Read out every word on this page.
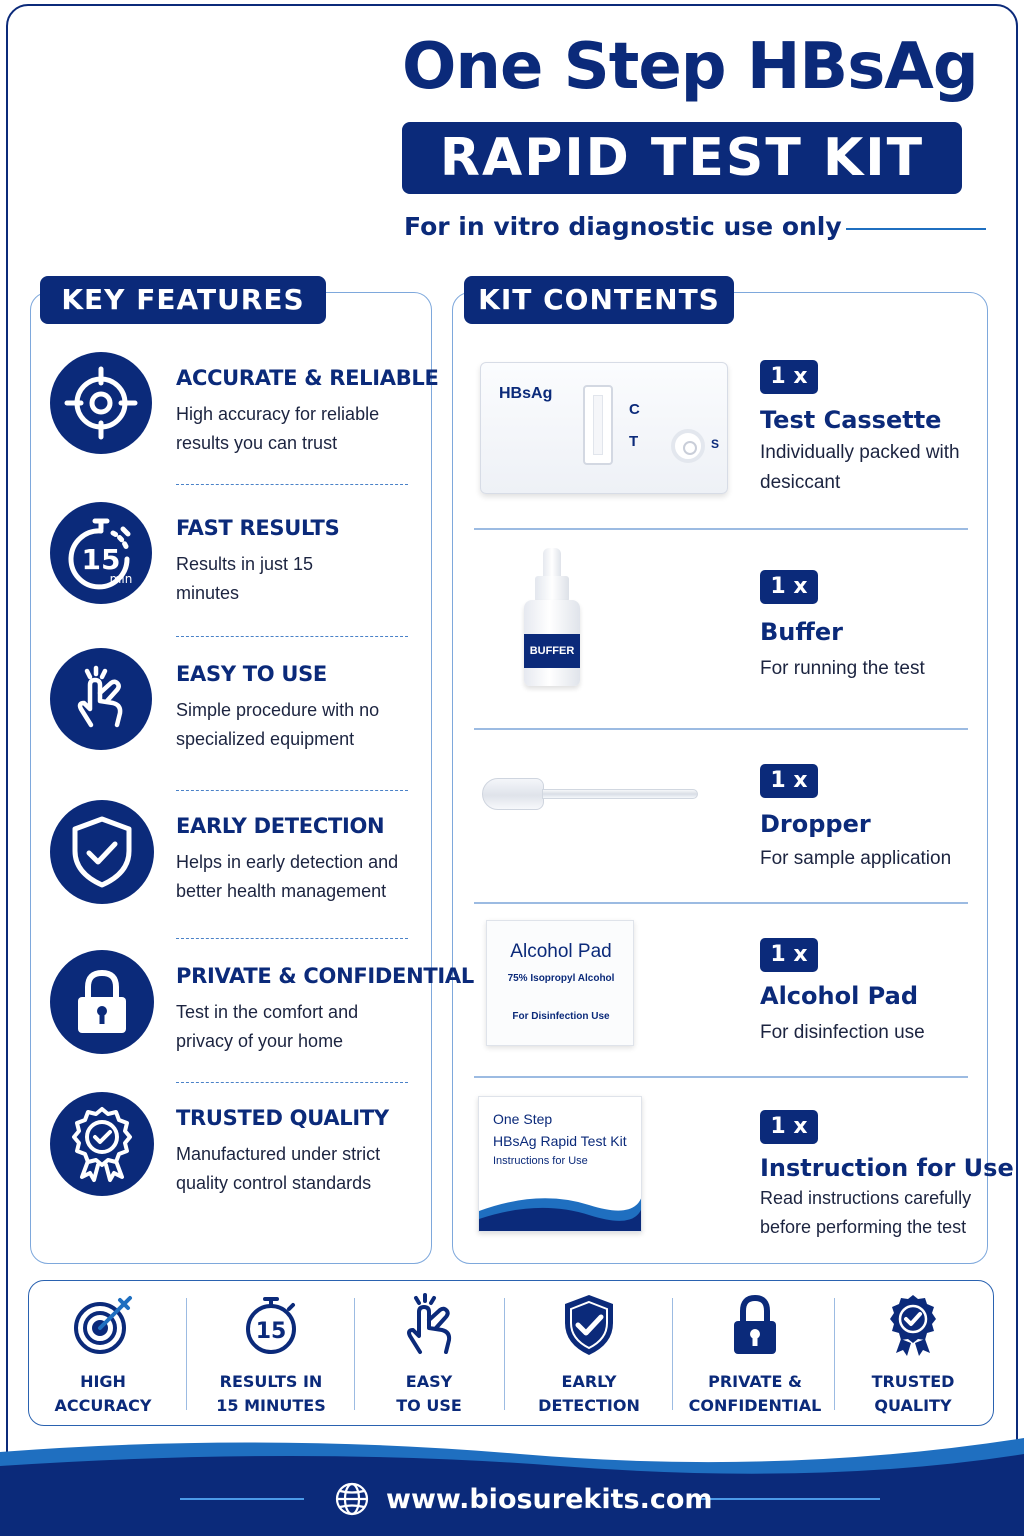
One Step HBsAg
RAPID TEST KIT
For in vitro diagnostic use only
KEY FEATURES	KIT CONTENTS
ACCURATE & RELIABLE
High accuracy for reliable results you can trust
15
min
FAST RESULTS
Results in just 15 minutes
EASY TO USE
Simple procedure with no specialized equipment
EARLY DETECTION
Helps in early detection and better health management
PRIVATE & CONFIDENTIAL
Test in the comfort and privacy of your home
TRUSTED QUALITY
Manufactured under strict quality control standards
HBsAg
C
T	S
1 x
Test Cassette
Individually packed with desiccant
BUFFER
1 x
Buffer
For running the test
1 x
Dropper
For sample application
Alcohol Pad
75% Isopropyl Alcohol
For Disinfection Use
1 x
Alcohol Pad
For disinfection use
One Step
HBsAg Rapid Test Kit
Instructions for Use
1 x
Instruction for Use
Read instructions carefully before performing the test
HIGH
ACCURACY
15
RESULTS IN
15 MINUTES
EASY
TO USE
EARLY
DETECTION
PRIVATE &
CONFIDENTIAL
TRUSTED
QUALITY
www.biosurekits.com
